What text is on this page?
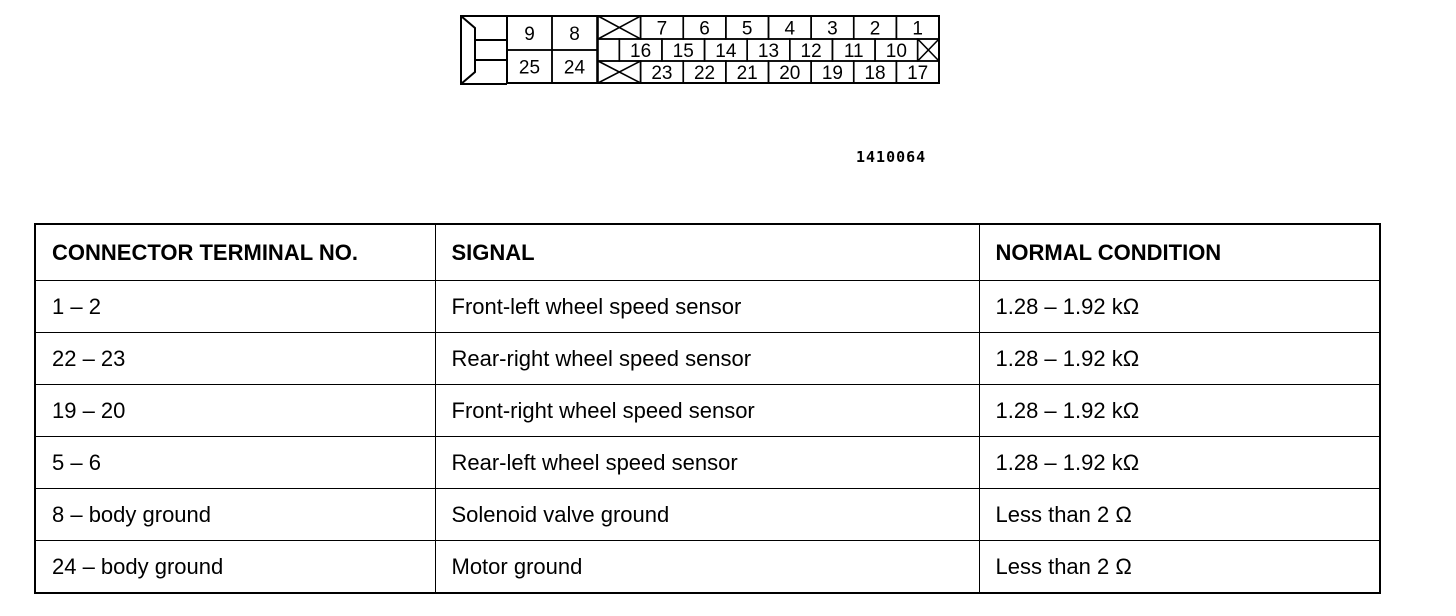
9 8
25 24
7 6 5 4 3 2 1
16 15 14 13 12 11 10
23 22 21 20 19 18 17
1410064
CONNECTOR TERMINAL NO.	SIGNAL	NORMAL CONDITION
1 – 2	Front-left wheel speed sensor	1.28 – 1.92 kΩ
22 – 23	Rear-right wheel speed sensor	1.28 – 1.92 kΩ
19 – 20	Front-right wheel speed sensor	1.28 – 1.92 kΩ
5 – 6	Rear-left wheel speed sensor	1.28 – 1.92 kΩ
8 – body ground	Solenoid valve ground	Less than 2 Ω
24 – body ground	Motor ground	Less than 2 Ω
